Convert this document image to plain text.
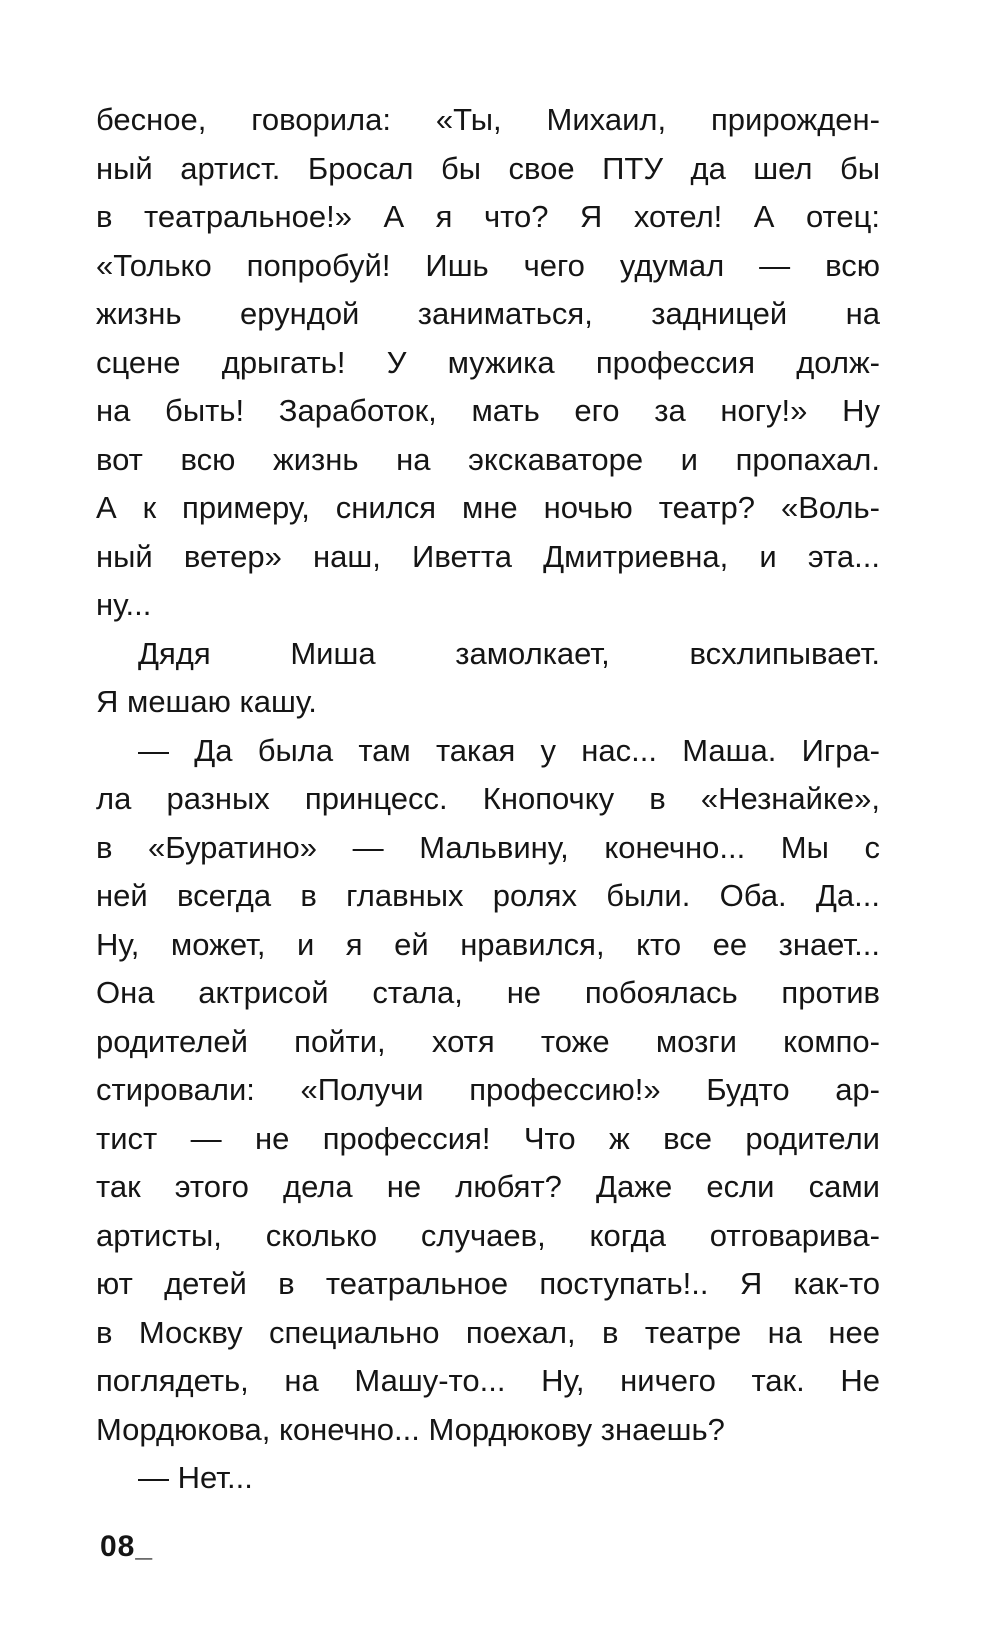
бесное, говорила: «Ты, Михаил, прирожден-
ный артист. Бросал бы свое ПТУ да шел бы
в театральное!» А я что? Я хотел! А отец:
«Только попробуй! Ишь чего удумал — всю
жизнь ерундой заниматься, задницей на
сцене дрыгать! У мужика профессия долж-
на быть! Заработок, мать его за ногу!» Ну
вот всю жизнь на экскаваторе и пропахал.
А к примеру, снился мне ночью театр? «Воль-
ный ветер» наш, Иветта Дмитриевна, и эта...
ну...

Дядя Миша замолкает, всхлипывает.
Я мешаю кашу.

— Да была там такая у нас... Маша. Игра-
ла разных принцесс. Кнопочку в «Незнайке»,
в «Буратино» — Мальвину, конечно... Мы с
ней всегда в главных ролях были. Оба. Да...
Ну, может, и я ей нравился, кто ее знает...
Она актрисой стала, не побоялась против
родителей пойти, хотя тоже мозги компо-
стировали: «Получи профессию!» Будто ар-
тист — не профессия! Что ж все родители
так этого дела не любят? Даже если сами
артисты, сколько случаев, когда отговарива-
ют детей в театральное поступать!.. Я как-то
в Москву специально поехал, в театре на нее
поглядеть, на Машу-то... Ну, ничего так. Не
Мордюкова, конечно... Мордюкову знаешь?

— Нет...

08_
